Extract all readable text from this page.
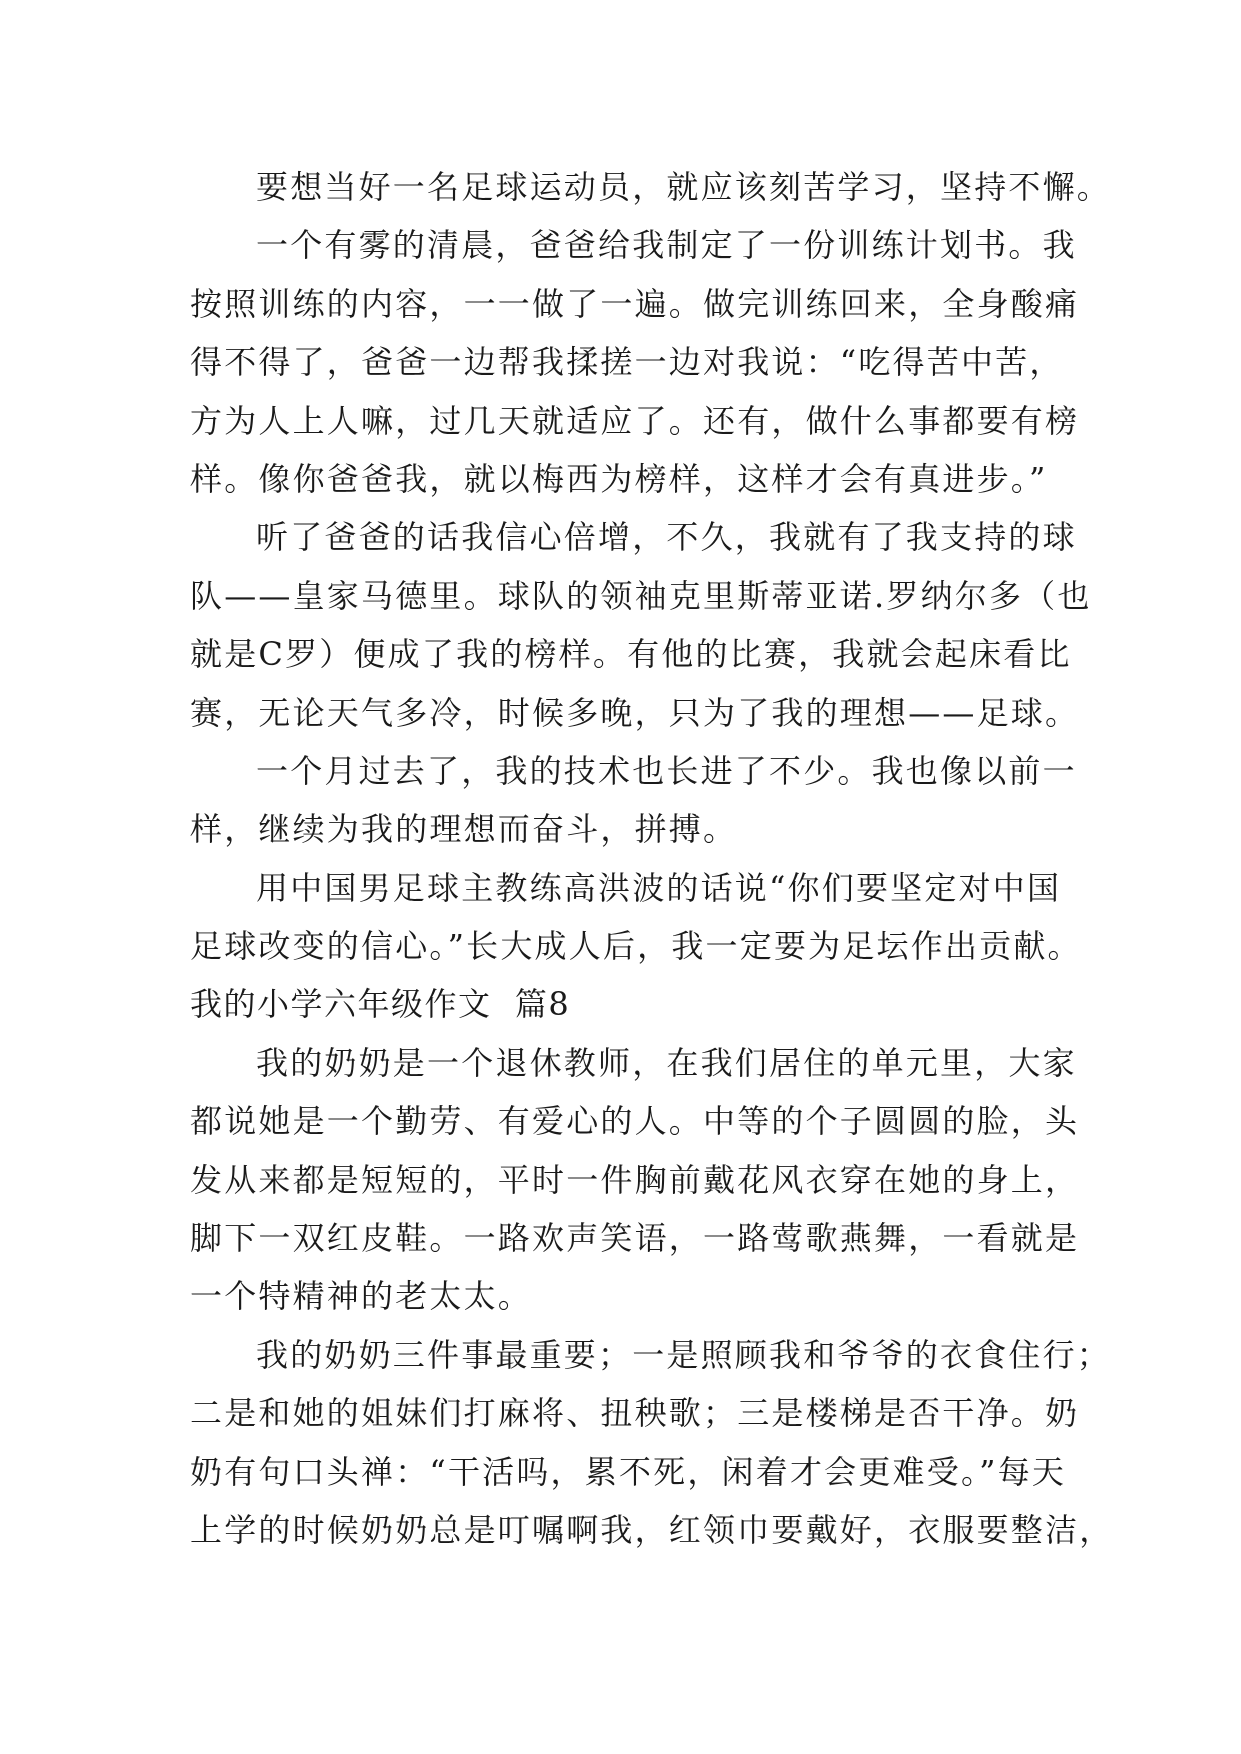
要想当好一名足球运动员，就应该刻苦学习，坚持不懈。
一个有雾的清晨，爸爸给我制定了一份训练计划书。我
按照训练的内容，一一做了一遍。做完训练回来，全身酸痛
得不得了，爸爸一边帮我揉搓一边对我说：“吃得苦中苦，
方为人上人嘛，过几天就适应了。还有，做什么事都要有榜
样。像你爸爸我，就以梅西为榜样，这样才会有真进步。”
听了爸爸的话我信心倍增，不久，我就有了我支持的球
队——皇家马德里。球队的领袖克里斯蒂亚诺.罗纳尔多（也
就是C罗）便成了我的榜样。有他的比赛，我就会起床看比
赛，无论天气多冷，时候多晚，只为了我的理想——足球。
一个月过去了，我的技术也长进了不少。我也像以前一
样，继续为我的理想而奋斗，拼搏。
用中国男足球主教练高洪波的话说“你们要坚定对中国
足球改变的信心。”长大成人后，我一定要为足坛作出贡献。
我的小学六年级作文  篇8
我的奶奶是一个退休教师，在我们居住的单元里，大家
都说她是一个勤劳、有爱心的人。中等的个子圆圆的脸，头
发从来都是短短的，平时一件胸前戴花风衣穿在她的身上，
脚下一双红皮鞋。一路欢声笑语，一路莺歌燕舞，一看就是
一个特精神的老太太。
我的奶奶三件事最重要；一是照顾我和爷爷的衣食住行；
二是和她的姐妹们打麻将、扭秧歌；三是楼梯是否干净。奶
奶有句口头禅：“干活吗，累不死，闲着才会更难受。”每天
上学的时候奶奶总是叮嘱啊我，红领巾要戴好，衣服要整洁，
